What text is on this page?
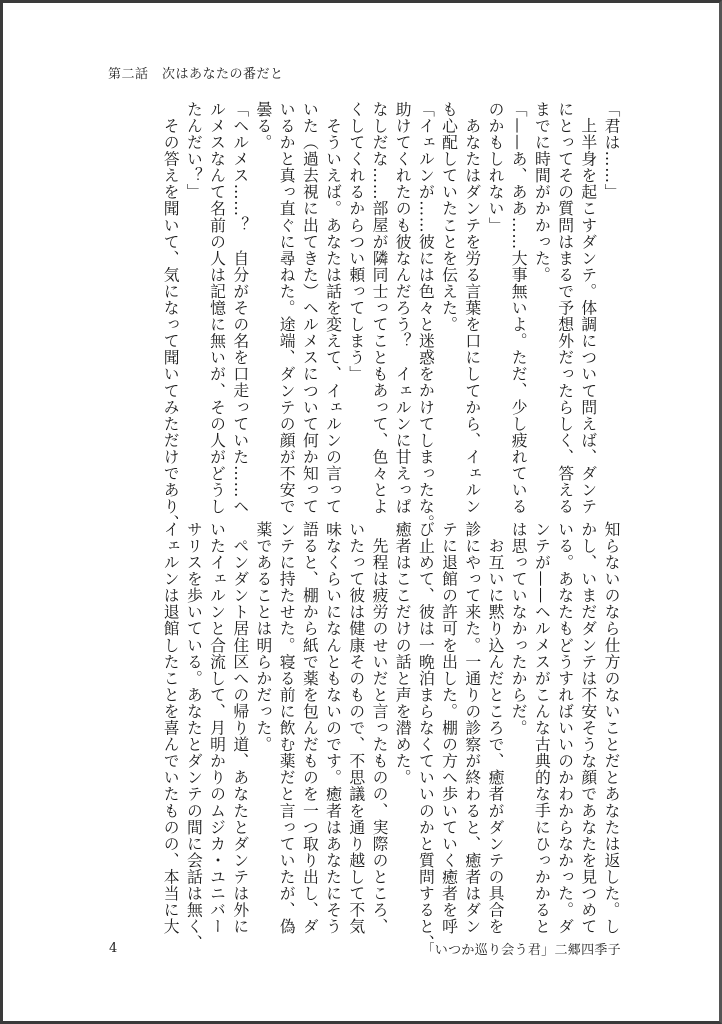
第二話　次はあなたの番だと

「君は……」

　上半身を起こすダンテ。体調について問えば、ダンテ

にとってその質問はまるで予想外だったらしく、答える

までに時間がかかった。

「——あ、ああ……大事無いよ。ただ、少し疲れている

のかもしれない」

　あなたはダンテを労る言葉を口にしてから、イェルン

も心配していたことを伝えた。

「イェルンが……彼には色々と迷惑をかけてしまったな。

助けてくれたのも彼なんだろう？　イェルンに甘えっぱ

なしだな……部屋が隣同士ってこともあって、色々とよ

くしてくれるからつい頼ってしまう」

　そういえば。あなたは話を変えて、イェルンの言って

いた（過去視に出てきた）ヘルメスについて何か知って

いるかと真っ直ぐに尋ねた。途端、ダンテの顔が不安で

曇る。

「ヘルメス……？　自分がその名を口走っていた……ヘ

ルメスなんて名前の人は記憶に無いが、その人がどうし

たんだい？」

　その答えを聞いて、気になって聞いてみただけであり、

知らないのなら仕方のないことだとあなたは返した。し

かし、いまだダンテは不安そうな顔であなたを見つめて

いる。あなたもどうすればいいのかわからなかった。ダ

ンテが——ヘルメスがこんな古典的な手にひっかかると

は思っていなかったからだ。

　お互いに黙り込んだところで、癒者がダンテの具合を

診にやって来た。一通りの診察が終わると、癒者はダン

テに退館の許可を出した。棚の方へ歩いていく癒者を呼

び止めて、彼は一晩泊まらなくていいのかと質問すると、

癒者はここだけの話と声を潜めた。

　先程は疲労のせいだと言ったものの、実際のところ、

いたって彼は健康そのもので、不思議を通り越して不気

味なくらいになんともないのです。癒者はあなたにそう

語ると、棚から紙で薬を包んだものを一つ取り出し、ダ

ンテに持たせた。寝る前に飲む薬だと言っていたが、偽

薬であることは明らかだった。

　ペンダント居住区への帰り道、あなたとダンテは外に

いたイェルンと合流して、月明かりのムジカ・ユニバー

サリスを歩いている。あなたとダンテの間に会話は無く、

イェルンは退館したことを喜んでいたものの、本当に大

4	「いつか巡り会う君」二郷四季子
